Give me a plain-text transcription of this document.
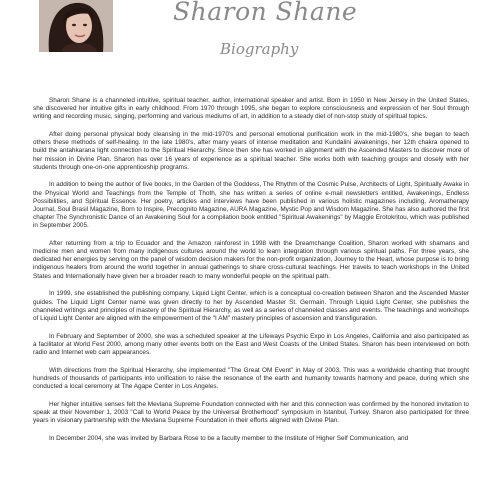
Sharon Shane
Biography

Sharon Shane is a channeled intuitive, spiritual teacher, author, international speaker and artist. Born in 1950 in New Jersey in the United States, she discovered her intuitive gifts in early childhood. From 1970 through 1995, she began to explore consciousness and expression of her Soul through writing and recording music, singing, performing and various mediums of art, in addition to a steady diet of non-stop study of spiritual topics.

After doing personal physical body cleansing in the mid-1970's and personal emotional purification work in the mid-1980's, she began to teach others these methods of self-healing. In the late 1980's, after many years of intense meditation and Kundalini awakenings, her 12th chakra opened to build the antahkarana light connection to the Spiritual Hierarchy. Since then she has worked in alignment with the Ascended Masters to discover more of her mission in Divine Plan. Sharon has over 16 years of experience as a spiritual teacher. She works both with teaching groups and closely with her students through one-on-one apprenticeship programs.

In addition to being the author of five books, In the Garden of the Goddess, The Rhythm of the Cosmic Pulse, Architects of Light, Spiritually Awake in the Physical World and Teachings from the Temple of Thoth, she has written a series of online e-mail newsletters entitled, Awakenings, Endless Possibilities, and Spiritual Essence. Her poetry, articles and interviews have been published in various holistic magazines including, Aromatherapy Journal, Soul Brasil Magazine, Born to Inspire, Precognito Magazine, AURA Magazine, Mystic Pop and Wisdom Magazine. She has also authored the first chapter The Synchronistic Dance of an Awakening Soul for a compilation book entitled "Spiritual Awakenings" by Maggie Erotokritou, which was published in September 2005.

After returning from a trip to Ecuador and the Amazon rainforest in 1998 with the Dreamchange Coalition, Sharon worked with shamans and medicine men and women from many indigenous cultures around the world to learn integration through various spiritual paths. For three years, she dedicated her energies by serving on the panel of wisdom decision makers for the non-profit organization, Journey to the Heart, whose purpose is to bring indigenous healers from around the world together in annual gatherings to share cross-cultural teachings. Her travels to teach workshops in the United States and Internationally have given her a broader reach to many wonderful people on the spiritual path.

In 1999, she established the publishing company, Liquid Light Center, which is a conceptual co-creation between Sharon and the Ascended Master guides. The Liquid Light Center name was given directly to her by Ascended Master St. Germain. Through Liquid Light Center, she publishes the channeled writings and principles of mastery of the Spiritual Hierarchy, as well as a series of channeled classes and events. The teachings and workshops of Liquid Light Center are aligned with the empowerment of the "I AM" mastery principles of ascension and transfiguration.

In February and September of 2000, she was a scheduled speaker at the Lifeways Psychic Expo in Los Angeles, California and also participated as a facilitator at World Fest 2000, among many other events both on the East and West Coasts of the United States. Sharon has been interviewed on both radio and Internet web cam appearances.

With directions from the Spiritual Hierarchy, she implemented "The Great OM Event" in May of 2003. This was a worldwide chanting that brought hundreds of thousands of participants into unification to raise the resonance of the earth and humanity towards harmony and peace, during which she conducted a local ceremony at The Agape Center in Los Angeles.

Her higher intuitive senses felt the Mevlana Supreme Foundation connected with her and this connection was confirmed by the honored invitation to speak at their November 1, 2003 "Call to World Peace by the Universal Brotherhood" symposium in Istanbul, Turkey. Sharon also participated for three years in visionary partnership with the Mevlana Supreme Foundation in their efforts aligned with Divine Plan.

In December 2004, she was invited by Barbara Rose to be a faculty member to the Institute of Higher Self Communication, and
